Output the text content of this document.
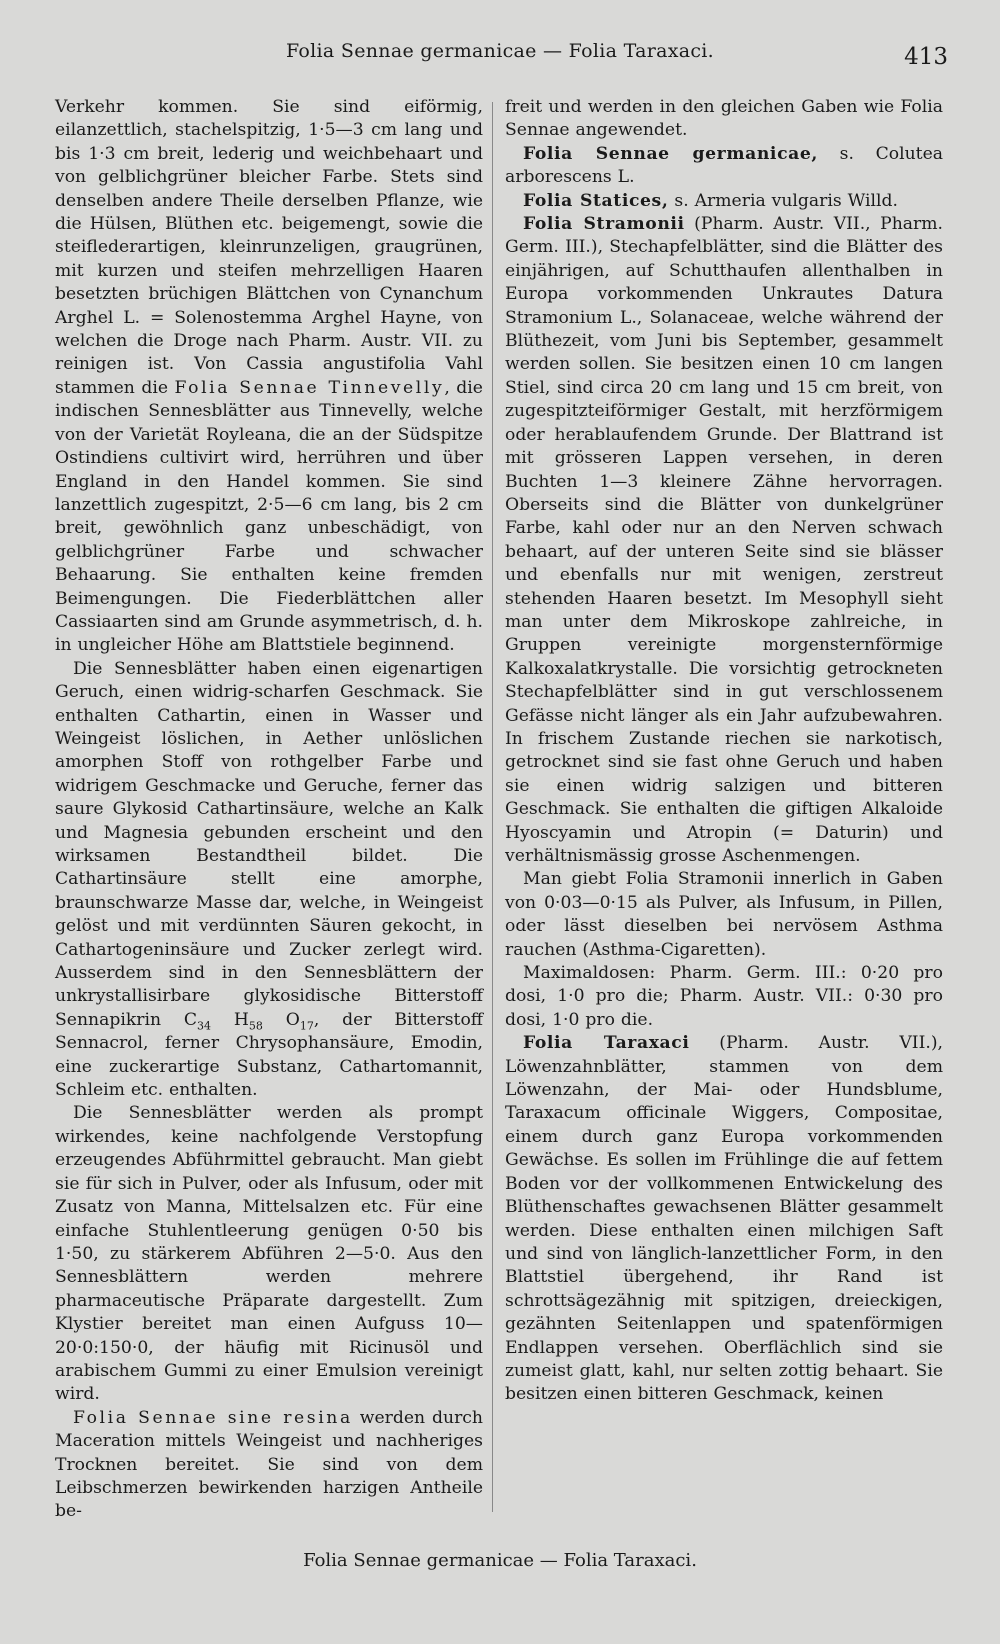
Folia Sennae germanicae — Folia Taraxaci.	413

Verkehr kommen. Sie sind eiförmig, eilanzettlich, stachelspitzig, 1·5—3 cm lang und bis 1·3 cm breit, lederig und weichbehaart und von gelblichgrüner bleicher Farbe. Stets sind denselben andere Theile derselben Pflanze, wie die Hülsen, Blüthen etc. beigemengt, sowie die steiflederartigen, kleinrunzeligen, graugrünen, mit kurzen und steifen mehrzelligen Haaren besetzten brüchigen Blättchen von Cynanchum Arghel L. = Solenostemma Arghel Hayne, von welchen die Droge nach Pharm. Austr. VII. zu reinigen ist. Von Cassia angustifolia Vahl stammen die Folia Sennae Tinnevelly, die indischen Sennesblätter aus Tinnevelly, welche von der Varietät Royleana, die an der Südspitze Ostindiens cultivirt wird, herrühren und über England in den Handel kommen. Sie sind lanzettlich zugespitzt, 2·5—6 cm lang, bis 2 cm breit, gewöhnlich ganz unbeschädigt, von gelblichgrüner Farbe und schwacher Behaarung. Sie enthalten keine fremden Beimengungen. Die Fiederblättchen aller Cassiaarten sind am Grunde asymmetrisch, d. h. in ungleicher Höhe am Blattstiele beginnend.

Die Sennesblätter haben einen eigenartigen Geruch, einen widrig-scharfen Geschmack. Sie enthalten Cathartin, einen in Wasser und Weingeist löslichen, in Aether unlöslichen amorphen Stoff von rothgelber Farbe und widrigem Geschmacke und Geruche, ferner das saure Glykosid Cathartinsäure, welche an Kalk und Magnesia gebunden erscheint und den wirksamen Bestandtheil bildet. Die Cathartinsäure stellt eine amorphe, braunschwarze Masse dar, welche, in Weingeist gelöst und mit verdünnten Säuren gekocht, in Cathartogeninsäure und Zucker zerlegt wird. Ausserdem sind in den Sennesblättern der unkrystallisirbare glykosidische Bitterstoff Sennapikrin $C_{34}$ $H_{58}$ $O_{17}$, der Bitterstoff Sennacrol, ferner Chrysophansäure, Emodin, eine zuckerartige Substanz, Cathartomannit, Schleim etc. enthalten.

Die Sennesblätter werden als prompt wirkendes, keine nachfolgende Verstopfung erzeugendes Abführmittel gebraucht. Man giebt sie für sich in Pulver, oder als Infusum, oder mit Zusatz von Manna, Mittelsalzen etc. Für eine einfache Stuhlentleerung genügen 0·50 bis 1·50, zu stärkerem Abführen 2—5·0. Aus den Sennesblättern werden mehrere pharmaceutische Präparate dargestellt. Zum Klystier bereitet man einen Aufguss 10—20·0:150·0, der häufig mit Ricinusöl und arabischem Gummi zu einer Emulsion vereinigt wird.

Folia Sennae sine resina werden durch Maceration mittels Weingeist und nachheriges Trocknen bereitet. Sie sind von dem Leibschmerzen bewirkenden harzigen Antheile be-

freit und werden in den gleichen Gaben wie Folia Sennae angewendet.

Folia Sennae germanicae, s. Colutea arborescens L.

Folia Statices, s. Armeria vulgaris Willd.

Folia Stramonii (Pharm. Austr. VII., Pharm. Germ. III.), Stechapfelblätter, sind die Blätter des einjährigen, auf Schutthaufen allenthalben in Europa vorkommenden Unkrautes Datura Stramonium L., Solanaceae, welche während der Blüthezeit, vom Juni bis September, gesammelt werden sollen. Sie besitzen einen 10 cm langen Stiel, sind circa 20 cm lang und 15 cm breit, von zugespitzteiförmiger Gestalt, mit herzförmigem oder herablaufendem Grunde. Der Blattrand ist mit grösseren Lappen versehen, in deren Buchten 1—3 kleinere Zähne hervorragen. Oberseits sind die Blätter von dunkelgrüner Farbe, kahl oder nur an den Nerven schwach behaart, auf der unteren Seite sind sie blässer und ebenfalls nur mit wenigen, zerstreut stehenden Haaren besetzt. Im Mesophyll sieht man unter dem Mikroskope zahlreiche, in Gruppen vereinigte morgensternförmige Kalkoxalatkrystalle. Die vorsichtig getrockneten Stechapfelblätter sind in gut verschlossenem Gefässe nicht länger als ein Jahr aufzubewahren. In frischem Zustande riechen sie narkotisch, getrocknet sind sie fast ohne Geruch und haben sie einen widrig salzigen und bitteren Geschmack. Sie enthalten die giftigen Alkaloide Hyoscyamin und Atropin (= Daturin) und verhältnismässig grosse Aschenmengen.

Man giebt Folia Stramonii innerlich in Gaben von 0·03—0·15 als Pulver, als Infusum, in Pillen, oder lässt dieselben bei nervösem Asthma rauchen (Asthma-Cigaretten).

Maximaldosen: Pharm. Germ. III.: 0·20 pro dosi, 1·0 pro die; Pharm. Austr. VII.: 0·30 pro dosi, 1·0 pro die.

Folia Taraxaci (Pharm. Austr. VII.), Löwenzahnblätter, stammen von dem Löwenzahn, der Mai- oder Hundsblume, Taraxacum officinale Wiggers, Compositae, einem durch ganz Europa vorkommenden Gewächse. Es sollen im Frühlinge die auf fettem Boden vor der vollkommenen Entwickelung des Blüthenschaftes gewachsenen Blätter gesammelt werden. Diese enthalten einen milchigen Saft und sind von länglich-lanzettlicher Form, in den Blattstiel übergehend, ihr Rand ist schrottsägezähnig mit spitzigen, dreieckigen, gezähnten Seitenlappen und spatenförmigen Endlappen versehen. Oberflächlich sind sie zumeist glatt, kahl, nur selten zottig behaart. Sie besitzen einen bitteren Geschmack, keinen

Folia Sennae germanicae — Folia Taraxaci.
